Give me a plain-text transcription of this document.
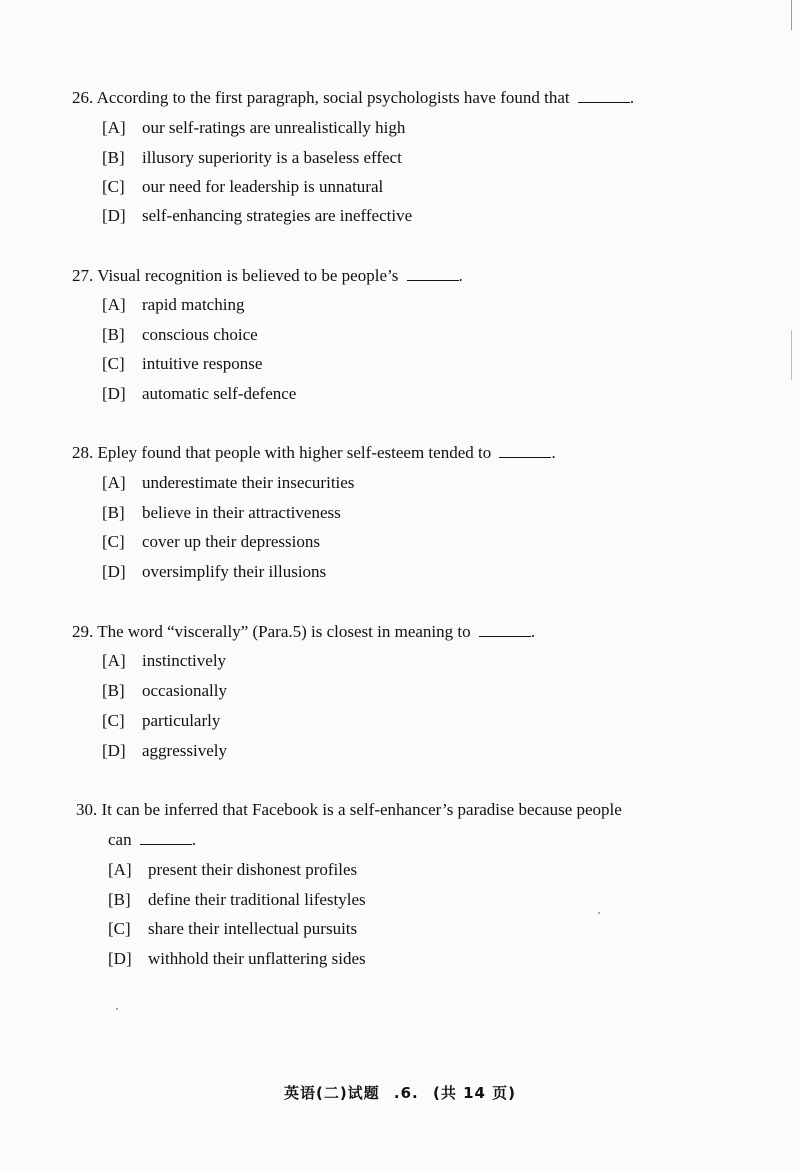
26. According to the first paragraph, social psychologists have found that	.
[A] our self-ratings are unrealistically high
[B] illusory superiority is a baseless effect
[C] our need for leadership is unnatural
[D] self-enhancing strategies are ineffective
27. Visual recognition is believed to be people’s	.
[A] rapid matching
[B] conscious choice
[C] intuitive response
[D] automatic self-defence
28. Epley found that people with higher self-esteem tended to	.
[A] underestimate their insecurities
[B] believe in their attractiveness
[C] cover up their depressions
[D] oversimplify their illusions
29. The word “viscerally” (Para.5) is closest in meaning to	.
[A] instinctively
[B] occasionally
[C] particularly
[D] aggressively
30. It can be inferred that Facebook is a self-enhancer’s paradise because people
can	.
[A] present their dishonest profiles
[B] define their traditional lifestyles
[C] share their intellectual pursuits
[D] withhold their unflattering sides
英语(二)试题 .6. (共 14 页)
